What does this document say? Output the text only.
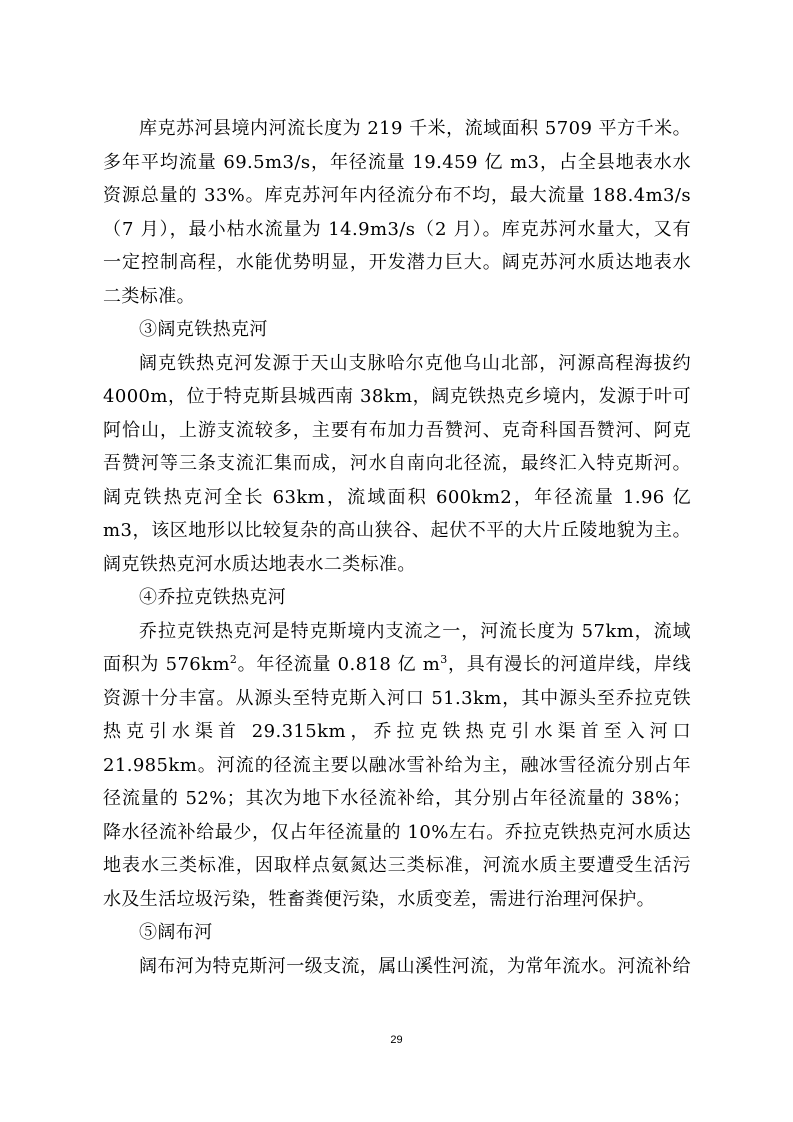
库克苏河县境内河流长度为 219 千米，流域面积 5709 平方千米。多年平均流量 69.5m3/s，年径流量 19.459 亿 m3，占全县地表水水资源总量的 33%。库克苏河年内径流分布不均，最大流量 188.4m3/s（7 月），最小枯水流量为 14.9m3/s（2 月）。库克苏河水量大，又有一定控制高程，水能优势明显，开发潜力巨大。阔克苏河水质达地表水二类标准。

③阔克铁热克河

阔克铁热克河发源于天山支脉哈尔克他乌山北部，河源高程海拔约 4000m，位于特克斯县城西南 38km，阔克铁热克乡境内，发源于叶可阿恰山，上游支流较多，主要有布加力吾赞河、克奇科国吾赞河、阿克吾赞河等三条支流汇集而成，河水自南向北径流，最终汇入特克斯河。阔克铁热克河全长 63km，流域面积 600km2，年径流量 1.96 亿 m3，该区地形以比较复杂的高山狭谷、起伏不平的大片丘陵地貌为主。阔克铁热克河水质达地表水二类标准。

④乔拉克铁热克河

乔拉克铁热克河是特克斯境内支流之一，河流长度为 57km，流域面积为 $576km^2$。年径流量 0.818 亿 $m^3$，具有漫长的河道岸线，岸线资源十分丰富。从源头至特克斯入河口 51.3km，其中源头至乔拉克铁热克引水渠首 29.315km，乔拉克铁热克引水渠首至入河口 21.985km。河流的径流主要以融冰雪补给为主，融冰雪径流分别占年径流量的 52%；其次为地下水径流补给，其分别占年径流量的 38%；降水径流补给最少，仅占年径流量的 10%左右。乔拉克铁热克河水质达地表水三类标准，因取样点氨氮达三类标准，河流水质主要遭受生活污水及生活垃圾污染，牲畜粪便污染，水质变差，需进行治理河保护。

⑤阔布河

阔布河为特克斯河一级支流，属山溪性河流，为常年流水。河流补给

29
